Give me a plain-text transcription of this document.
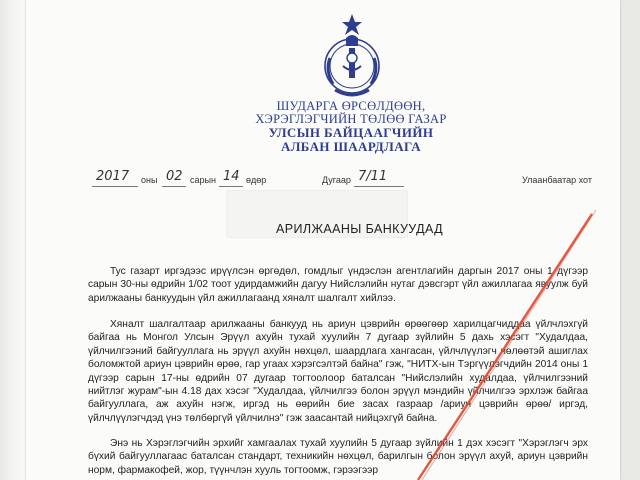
ШУДАРГА ӨРСӨЛДӨӨН,
ХЭРЭГЛЭГЧИЙН ТӨЛӨӨ ГАЗАР
УЛСЫН БАЙЦААГЧИЙН
АЛБАН ШААРДЛАГА
2017 оны 02 сарын 14 өдөр	Дугаар 7/11	Улаанбаатар хот
АРИЛЖААНЫ БАНКУУДАД

Тус газарт иргэдээс ирүүлсэн өргөдөл, гомдлыг үндэслэн агентлагийн даргын 2017 оны 1 дүгээр сарын 30-ны өдрийн 1/02 тоот удирдамжийн дагуу Нийслэлийн нутаг дэвсгэрт үйл ажиллагаа явуулж буй арилжааны банкуудын үйл ажиллагаанд хяналт шалгалт хийлээ.

Хяналт шалгалтаар арилжааны банкууд нь ариун цэврийн өрөөгөөр харилцагчиддаа үйлчлэхгүй байгаа нь Монгол Улсын Эрүүл ахуйн тухай хуулийн 7 дугаар зүйлийн 5 дахь хэсэгт "Худалдаа, үйлчилгээний байгууллага нь эрүүл ахуйн нөхцөл, шаардлага хангасан, үйлчлүүлэгч чөлөөтэй ашиглах боломжтой ариун цэврийн өрөө, гар угаах хэрэгсэлтэй байна" гэж, "НИТХ-ын Тэргүүлэгчдийн 2014 оны 1 дүгээр сарын 17-ны өдрийн 07 дугаар тогтоолоор баталсан "Нийслэлийн худалдаа, үйлчилгээний нийтлэг журам"-ын 4.18 дах хэсэг "Худалдаа, үйлчилгээ болон эрүүл мэндийн үйлчилгээ эрхлэж байгаа байгууллага, аж ахуйн нэгж, иргэд нь өөрийн бие засах газраар /ариун цэврийн өрөө/ иргэд, үйлчлүүлэгчдэд үнэ төлбөргүй үйлчилнэ" гэж заасантай нийцэхгүй байна.

Энэ нь Хэрэглэгчийн эрхийг хамгаалах тухай хуулийн 5 дугаар зүйлийн 1 дэх хэсэгт "Хэрэглэгч эрх бүхий байгууллагаас баталсан стандарт, техникийн нөхцөл, барилгын болон эрүүл ахуй, ариун цэврийн норм, фармакофей, жор, түүнчлэн хууль тогтоомж, гэрээгээр
